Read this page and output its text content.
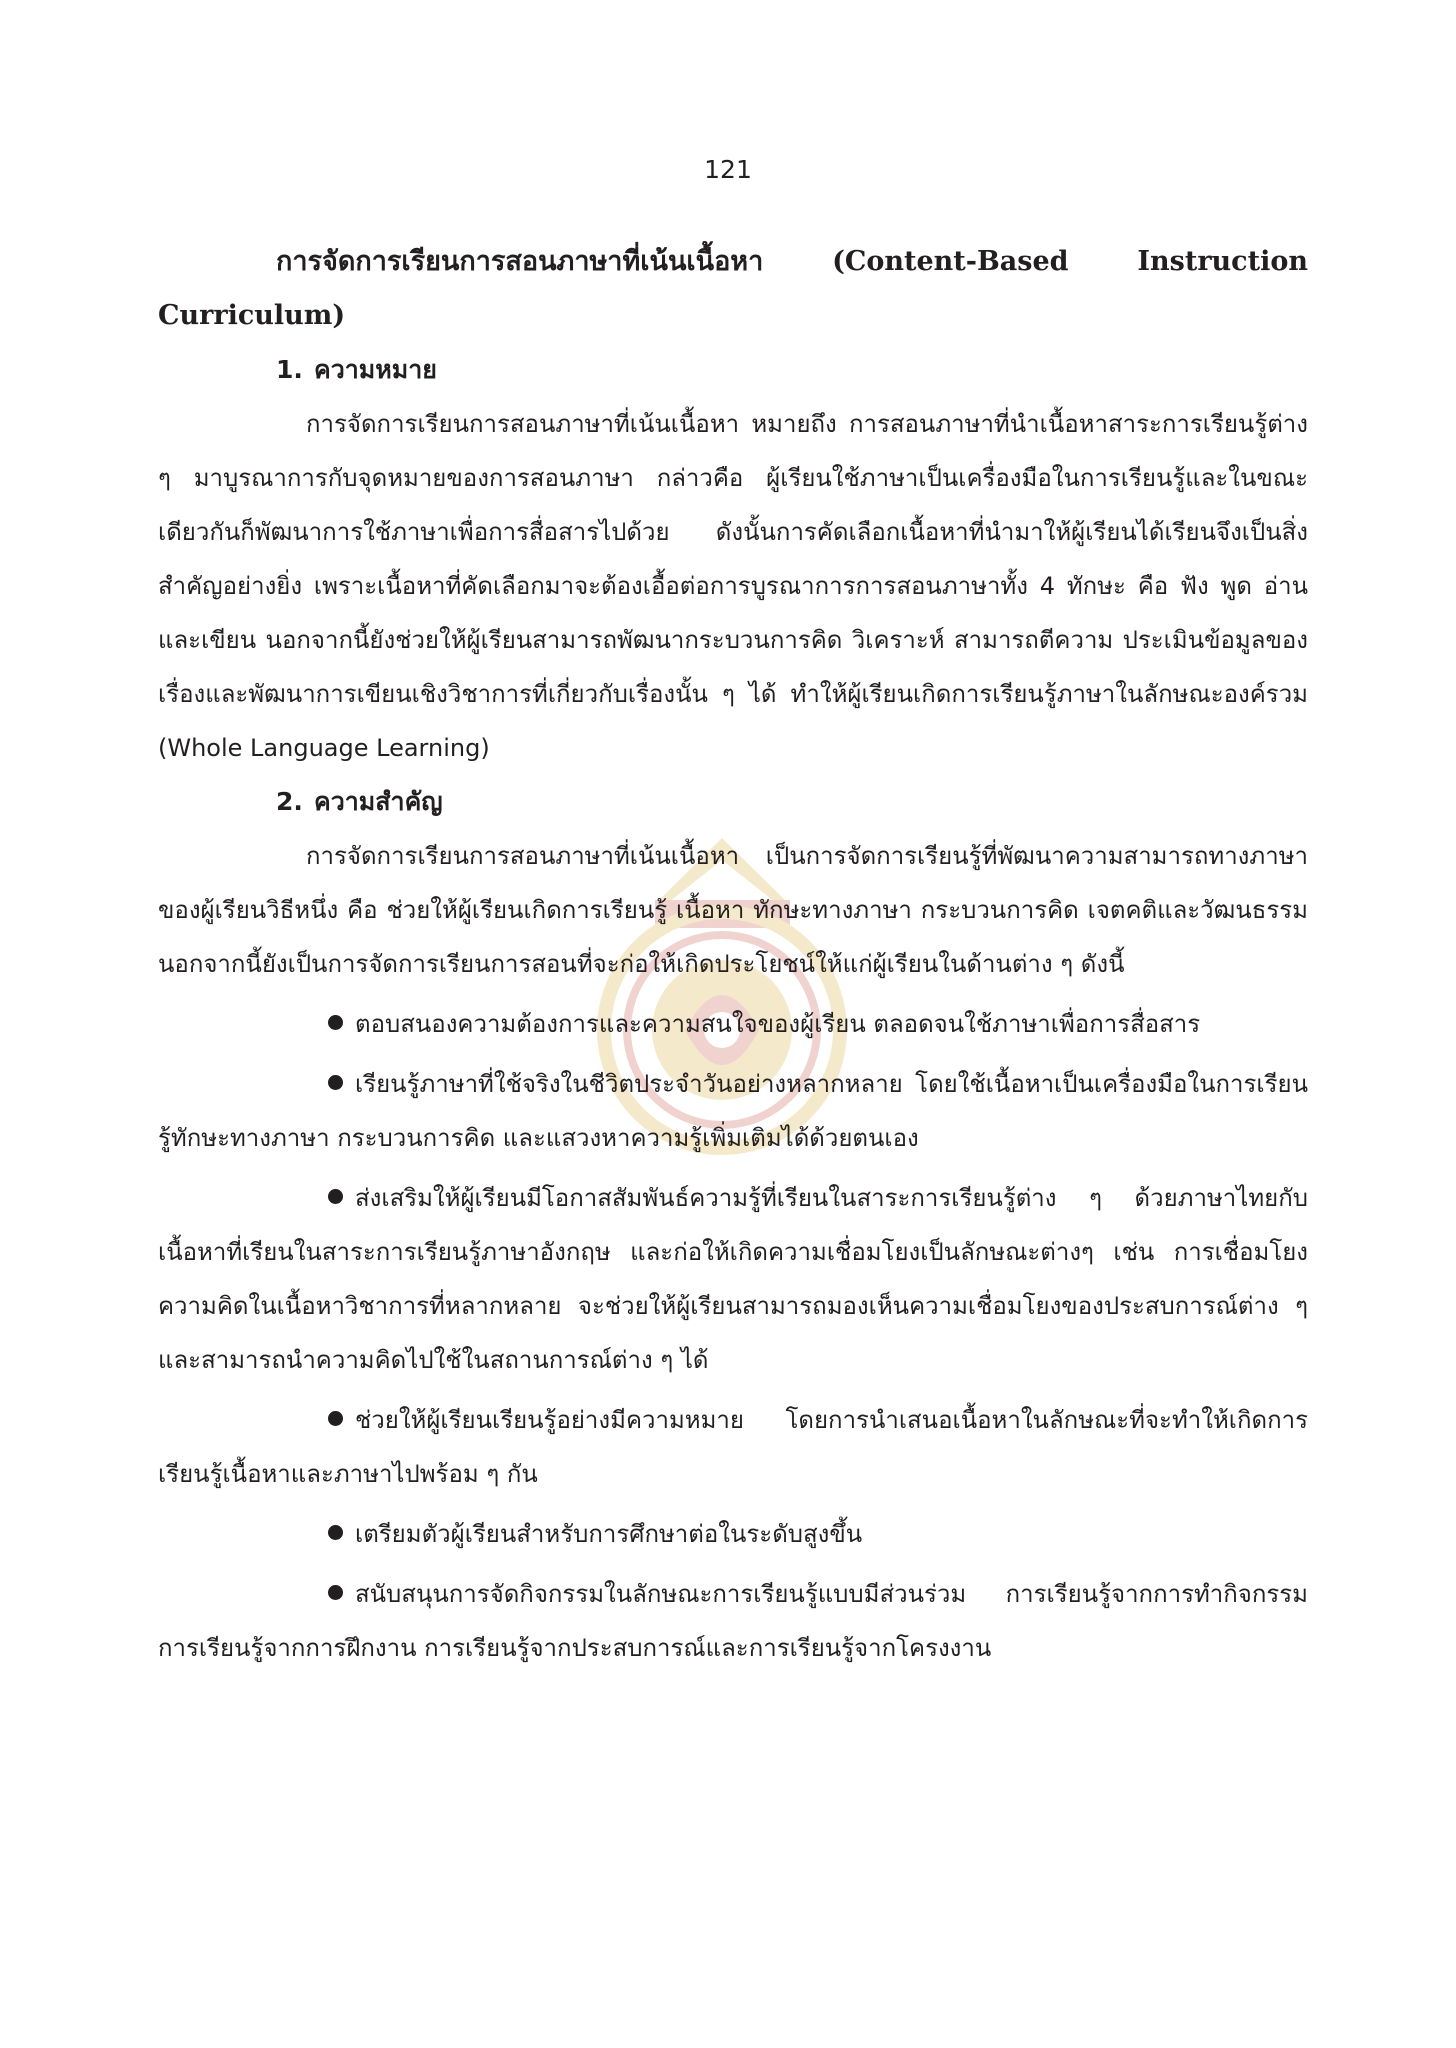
121

การจัดการเรียนการสอนภาษาที่เน้นเนื้อหา (Content-Based Instruction Curriculum)

1. ความหมาย

การจัดการเรียนการสอนภาษาที่เน้นเนื้อหา หมายถึง การสอนภาษาที่นำเนื้อหาสาระการเรียนรู้ต่าง ๆ มาบูรณาการกับจุดหมายของการสอนภาษา กล่าวคือ ผู้เรียนใช้ภาษาเป็นเครื่องมือในการเรียนรู้และในขณะเดียวกันก็พัฒนาการใช้ภาษาเพื่อการสื่อสารไปด้วย ดังนั้นการคัดเลือกเนื้อหาที่นำมาให้ผู้เรียนได้เรียนจึงเป็นสิ่งสำคัญอย่างยิ่ง เพราะเนื้อหาที่คัดเลือกมาจะต้องเอื้อต่อการบูรณาการการสอนภาษาทั้ง 4 ทักษะ คือ ฟัง พูด อ่านและเขียน นอกจากนี้ยังช่วยให้ผู้เรียนสามารถพัฒนากระบวนการคิด วิเคราะห์ สามารถตีความ ประเมินข้อมูลของเรื่องและพัฒนาการเขียนเชิงวิชาการที่เกี่ยวกับเรื่องนั้น ๆ ได้ ทำให้ผู้เรียนเกิดการเรียนรู้ภาษาในลักษณะองค์รวม (Whole Language Learning)

2. ความสำคัญ

การจัดการเรียนการสอนภาษาที่เน้นเนื้อหา เป็นการจัดการเรียนรู้ที่พัฒนาความสามารถทางภาษาของผู้เรียนวิธีหนึ่ง คือ ช่วยให้ผู้เรียนเกิดการเรียนรู้ เนื้อหา ทักษะทางภาษา กระบวนการคิด เจตคติและวัฒนธรรม นอกจากนี้ยังเป็นการจัดการเรียนการสอนที่จะก่อให้เกิดประโยชน์ให้แก่ผู้เรียนในด้านต่าง ๆ ดังนี้

ตอบสนองความต้องการและความสนใจของผู้เรียน ตลอดจนใช้ภาษาเพื่อการสื่อสาร

เรียนรู้ภาษาที่ใช้จริงในชีวิตประจำวันอย่างหลากหลาย โดยใช้เนื้อหาเป็นเครื่องมือในการเรียนรู้ทักษะทางภาษา กระบวนการคิด และแสวงหาความรู้เพิ่มเติมได้ด้วยตนเอง

ส่งเสริมให้ผู้เรียนมีโอกาสสัมพันธ์ความรู้ที่เรียนในสาระการเรียนรู้ต่าง ๆ ด้วยภาษาไทยกับเนื้อหาที่เรียนในสาระการเรียนรู้ภาษาอังกฤษ และก่อให้เกิดความเชื่อมโยงเป็นลักษณะต่างๆ เช่น การเชื่อมโยงความคิดในเนื้อหาวิชาการที่หลากหลาย จะช่วยให้ผู้เรียนสามารถมองเห็นความเชื่อมโยงของประสบการณ์ต่าง ๆ และสามารถนำความคิดไปใช้ในสถานการณ์ต่าง ๆ ได้

ช่วยให้ผู้เรียนเรียนรู้อย่างมีความหมาย โดยการนำเสนอเนื้อหาในลักษณะที่จะทำให้เกิดการเรียนรู้เนื้อหาและภาษาไปพร้อม ๆ กัน

เตรียมตัวผู้เรียนสำหรับการศึกษาต่อในระดับสูงขึ้น

สนับสนุนการจัดกิจกรรมในลักษณะการเรียนรู้แบบมีส่วนร่วม การเรียนรู้จากการทำกิจกรรม การเรียนรู้จากการฝึกงาน การเรียนรู้จากประสบการณ์และการเรียนรู้จากโครงงาน
